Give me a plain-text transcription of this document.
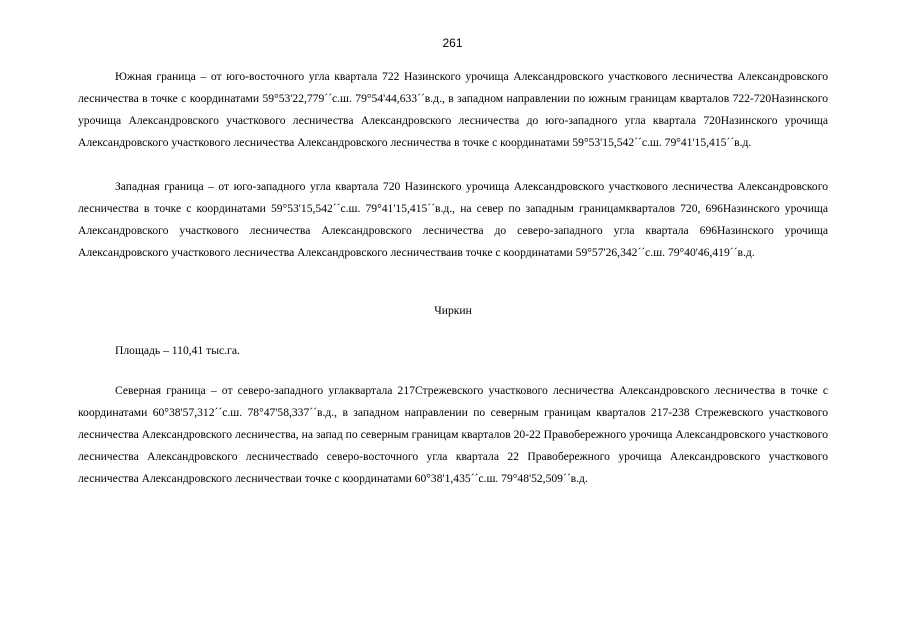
261

Южная граница – от юго-восточного угла квартала 722 Назинского урочища Александровского участкового лесничества Александровского лесничества в точке с координатами 59°53'22,779´´с.ш. 79°54'44,633´´в.д., в западном направлении по южным границам кварталов 722-720Назинского урочища Александровского участкового лесничества Александровского лесничества до юго-западного угла квартала 720Назинского урочища Александровского участкового лесничества Александровского лесничества в точке с координатами 59°53'15,542´´с.ш. 79°41'15,415´´в.д.

Западная граница – от юго-западного угла квартала 720 Назинского урочища Александровского участкового лесничества Александровского лесничества в точке с координатами 59°53'15,542´´с.ш. 79°41'15,415´´в.д., на север по западным границамкварталов 720, 696Назинского урочища Александровского участкового лесничества Александровского лесничества до северо-западного угла квартала 696Назинского урочища Александровского участкового лесничества Александровского лесничестваив точке с координатами 59°57'26,342´´с.ш. 79°40'46,419´´в.д.

Чиркин

Площадь – 110,41 тыс.га.

Северная граница – от северо-западного углаквартала 217Стрежевского участкового лесничества Александровского лесничества в точке с координатами 60°38'57,312´´с.ш. 78°47'58,337´´в.д., в западном направлении по северным границам кварталов 217-238 Стрежевского участкового лесничества Александровского лесничества, на запад по северным границам кварталов 20-22 Правобережного урочища Александровского участкового лесничества Александровского лесничестваdо северо-восточного угла квартала 22 Правобережного урочища Александровского участкового лесничества Александровского лесничестваи точке с координатами 60°38'1,435´´с.ш. 79°48'52,509´´в.д.
